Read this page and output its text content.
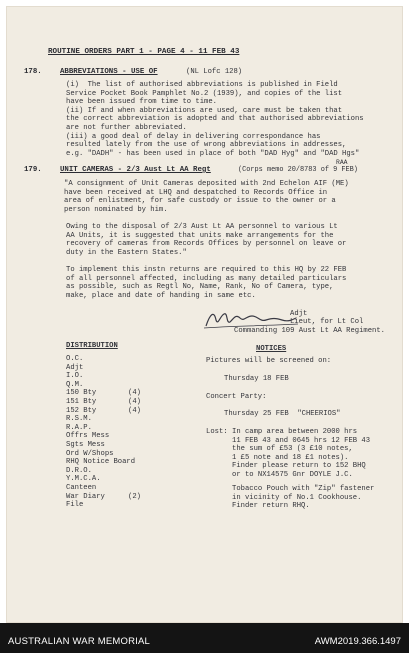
ROUTINE ORDERS PART 1 - PAGE 4 - 11 FEB 43
178. ABBREVIATIONS - USE OF	(NL Lofc 128)
(i)  The list of authorised abbreviations is published in Field
Service Pocket Book Pamphlet No.2 (1939), and copies of the list
have been issued from time to time.
(ii) If and when abbreviations are used, care must be taken that
the correct abbreviation is adopted and that authorised abbreviations
are not further abbreviated.
(iii) a good deal of delay in delivering correspondance has
resulted lately from the use of wrong abbreviations in addresses,
e.g. "DADH" - has been used in place of both "DAD Hyg" and "DAD Hgs"
RAA
179. UNIT CAMERAS - 2/3 Aust Lt AA Regt	(Corps memo 20/8783 of 9 FEB)
"A consignment of Unit Cameras deposited with 2nd Echelon AIF (ME)
have been received at LHQ and despatched to Records Office in
area of enlistment, for safe custody or issue to the owner or a
person nominated by him.
Owing to the disposal of 2/3 Aust Lt AA personnel to various Lt
AA Units, it is suggested that units make arrangements for the
recovery of cameras from Records Offices by personnel on leave or
duty in the Eastern States."
To implement this instn returns are required to this HQ by 22 FEB
of all personnel affected, including as many detailed particulars
as possible, such as Regtl No, Name, Rank, No of Camera, type,
make, place and date of handing in same etc.
Adjt
Lieut, for Lt Col
Commanding 109 Aust Lt AA Regiment.
DISTRIBUTION
O.C.
Adjt
I.O.
Q.M.
150 Bty	(4)
151 Bty	(4)
152 Bty	(4)
R.S.M.
R.A.P.
Offrs Mess
Sgts Mess
Ord W/Shops
RHQ Notice Board
D.R.O.
Y.M.C.A.
Canteen
War Diary	(2)
File
NOTICES
Pictures will be screened on:
Thursday 18 FEB
Concert Party:
Thursday 25 FEB  "CHEERIOS"
Lost: In camp area between 2000 hrs
11 FEB 43 and 0645 hrs 12 FEB 43
the sum of £53 (3 £10 notes,
1 £5 note and 18 £1 notes).
Finder please return to 152 BHQ
or to NX14575 Gnr DOYLE J.C.
Tobacco Pouch with "Zip" fastener
in vicinity of No.1 Cookhouse.
Finder return RHQ.
AUSTRALIAN WAR MEMORIAL	AWM2019.366.1497
